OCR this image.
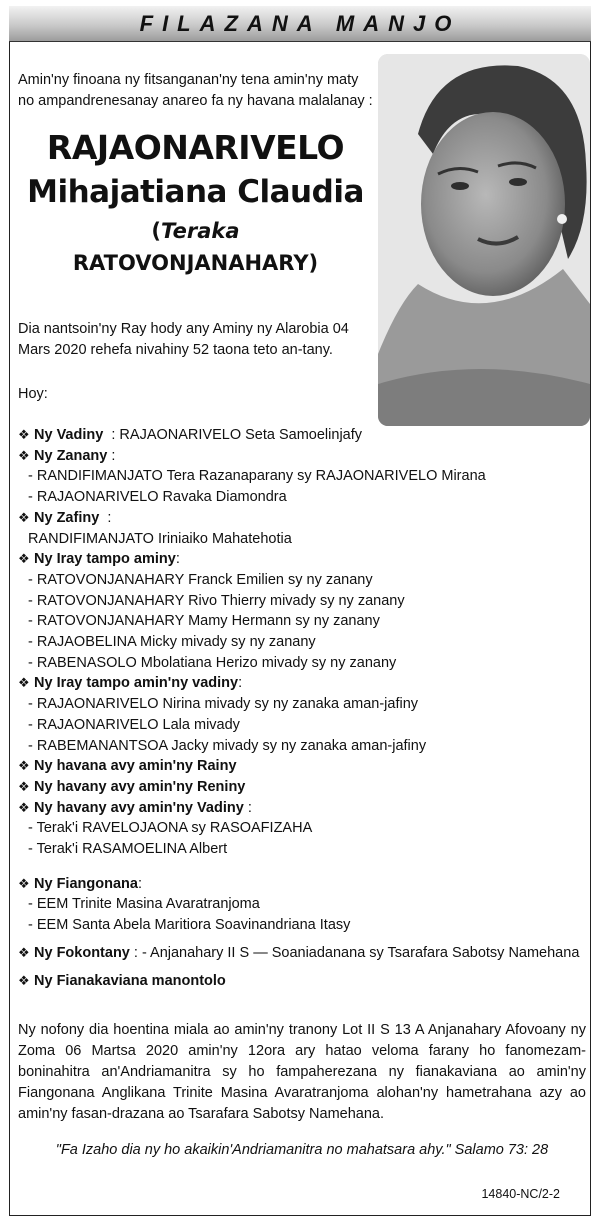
FILAZANA MANJO
Amin'ny finoana ny fitsanganan'ny tena amin'ny maty no ampandrenesanay anareo fa ny havana malalanay :
RAJAONARIVELO
Mihajatiana Claudia
(Teraka
RATOVONJANAHARY)
Dia nantsoin'ny Ray hody any Aminy ny Alarobia 04 Mars 2020 rehefa nivahiny 52 taona teto an-tany.
Hoy:
❖ Ny Vadiny : RAJAONARIVELO Seta Samoelinjafy
❖ Ny Zanany :
- RANDIFIMANJATO Tera Razanaparany sy RAJAONARIVELO Mirana
- RAJAONARIVELO Ravaka Diamondra
❖ Ny Zafiny :
RANDIFIMANJATO Iriniaiko Mahatehotia
❖ Ny Iray tampo aminy:
- RATOVONJANAHARY Franck Emilien sy ny zanany
- RATOVONJANAHARY Rivo Thierry mivady sy ny zanany
- RATOVONJANAHARY Mamy Hermann sy ny zanany
- RAJAOBELINA Micky mivady sy ny zanany
- RABENASOLO Mbolatiana Herizo mivady sy ny zanany
❖ Ny Iray tampo amin'ny vadiny:
- RAJAONARIVELO Nirina mivady sy ny zanaka aman-jafiny
- RAJAONARIVELO Lala mivady
- RABEMANANTSOA Jacky mivady sy ny zanaka aman-jafiny
❖ Ny havana avy amin'ny Rainy
❖ Ny havany avy amin'ny Reniny
❖ Ny havany avy amin'ny Vadiny :
- Terak'i RAVELOJAONA sy RASOAFIZAHA
- Terak'i RASAMOELINA Albert
❖ Ny Fiangonana:
- EEM Trinite Masina Avaratranjoma
- EEM Santa Abela Maritiora Soavinandriana Itasy
❖ Ny Fokontany : - Anjanahary II S — Soaniadanana sy Tsarafara Sabotsy Namehana
❖ Ny Fianakaviana manontolo
Ny nofony dia hoentina miala ao amin'ny tranony Lot II S 13 A Anjanahary Afovoany ny Zoma 06 Martsa 2020 amin'ny 12ora ary hatao veloma farany ho fanomezam-boninahitra an'Andriamanitra sy ho fampaherezana ny fianakaviana ao amin'ny Fiangonana Anglikana Trinite Masina Avaratranjoma alohan'ny hametrahana azy ao amin'ny fasan-drazana ao Tsarafara Sabotsy Namehana.
"Fa Izaho dia ny ho akaikin'Andriamanitra no mahatsara ahy." Salamo 73: 28
14840-NC/2-2
